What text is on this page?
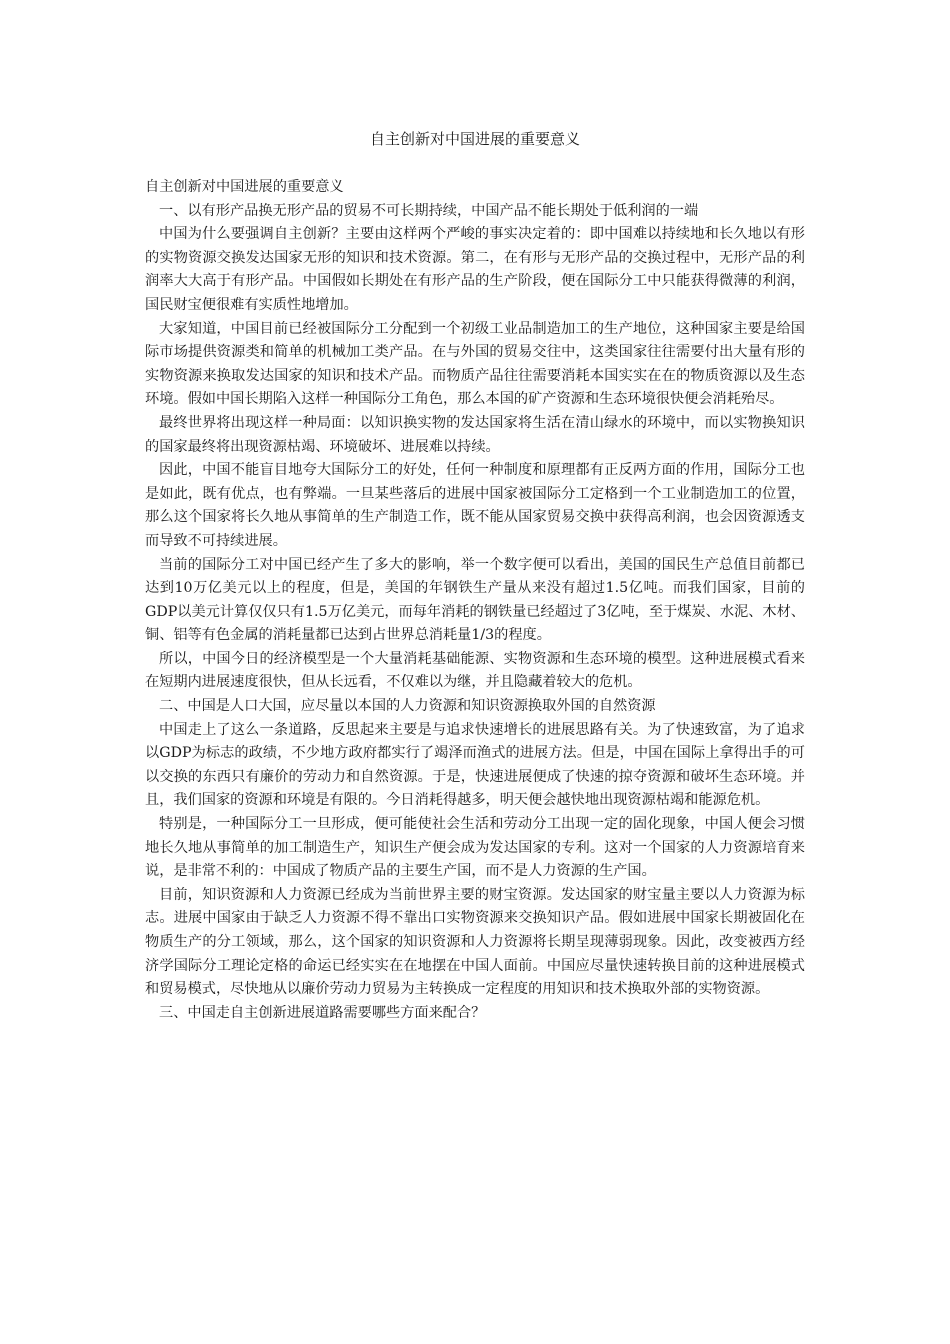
自主创新对中国进展的重要意义

自主创新对中国进展的重要意义

一、以有形产品换无形产品的贸易不可长期持续，中国产品不能长期处于低利润的一端

中国为什么要强调自主创新？主要由这样两个严峻的事实决定着的：即中国难以持续地和长久地以有形的实物资源交换发达国家无形的知识和技术资源。第二，在有形与无形产品的交换过程中，无形产品的利润率大大高于有形产品。中国假如长期处在有形产品的生产阶段，便在国际分工中只能获得微薄的利润，国民财宝便很难有实质性地增加。

大家知道，中国目前已经被国际分工分配到一个初级工业品制造加工的生产地位，这种国家主要是给国际市场提供资源类和简单的机械加工类产品。在与外国的贸易交往中，这类国家往往需要付出大量有形的实物资源来换取发达国家的知识和技术产品。而物质产品往往需要消耗本国实实在在的物质资源以及生态环境。假如中国长期陷入这样一种国际分工角色，那么本国的矿产资源和生态环境很快便会消耗殆尽。

最终世界将出现这样一种局面：以知识换实物的发达国家将生活在清山绿水的环境中，而以实物换知识的国家最终将出现资源枯竭、环境破坏、进展难以持续。

因此，中国不能盲目地夸大国际分工的好处，任何一种制度和原理都有正反两方面的作用，国际分工也是如此，既有优点，也有弊端。一旦某些落后的进展中国家被国际分工定格到一个工业制造加工的位置，那么这个国家将长久地从事简单的生产制造工作，既不能从国家贸易交换中获得高利润，也会因资源透支而导致不可持续进展。

当前的国际分工对中国已经产生了多大的影响，举一个数字便可以看出，美国的国民生产总值目前都已达到10万亿美元以上的程度，但是，美国的年钢铁生产量从来没有超过1.5亿吨。而我们国家，目前的GDP以美元计算仅仅只有1.5万亿美元，而每年消耗的钢铁量已经超过了3亿吨，至于煤炭、水泥、木材、铜、铝等有色金属的消耗量都已达到占世界总消耗量1/3的程度。

所以，中国今日的经济模型是一个大量消耗基础能源、实物资源和生态环境的模型。这种进展模式看来在短期内进展速度很快，但从长远看，不仅难以为继，并且隐藏着较大的危机。

二、中国是人口大国，应尽量以本国的人力资源和知识资源换取外国的自然资源

中国走上了这么一条道路，反思起来主要是与追求快速增长的进展思路有关。为了快速致富，为了追求以GDP为标志的政绩，不少地方政府都实行了竭泽而渔式的进展方法。但是，中国在国际上拿得出手的可以交换的东西只有廉价的劳动力和自然资源。于是，快速进展便成了快速的掠夺资源和破坏生态环境。并且，我们国家的资源和环境是有限的。今日消耗得越多，明天便会越快地出现资源枯竭和能源危机。

特别是，一种国际分工一旦形成，便可能使社会生活和劳动分工出现一定的固化现象，中国人便会习惯地长久地从事简单的加工制造生产，知识生产便会成为发达国家的专利。这对一个国家的人力资源培育来说，是非常不利的：中国成了物质产品的主要生产国，而不是人力资源的生产国。

目前，知识资源和人力资源已经成为当前世界主要的财宝资源。发达国家的财宝量主要以人力资源为标志。进展中国家由于缺乏人力资源不得不靠出口实物资源来交换知识产品。假如进展中国家长期被固化在物质生产的分工领域，那么，这个国家的知识资源和人力资源将长期呈现薄弱现象。因此，改变被西方经济学国际分工理论定格的命运已经实实在在地摆在中国人面前。中国应尽量快速转换目前的这种进展模式和贸易模式，尽快地从以廉价劳动力贸易为主转换成一定程度的用知识和技术换取外部的实物资源。

三、中国走自主创新进展道路需要哪些方面来配合？
